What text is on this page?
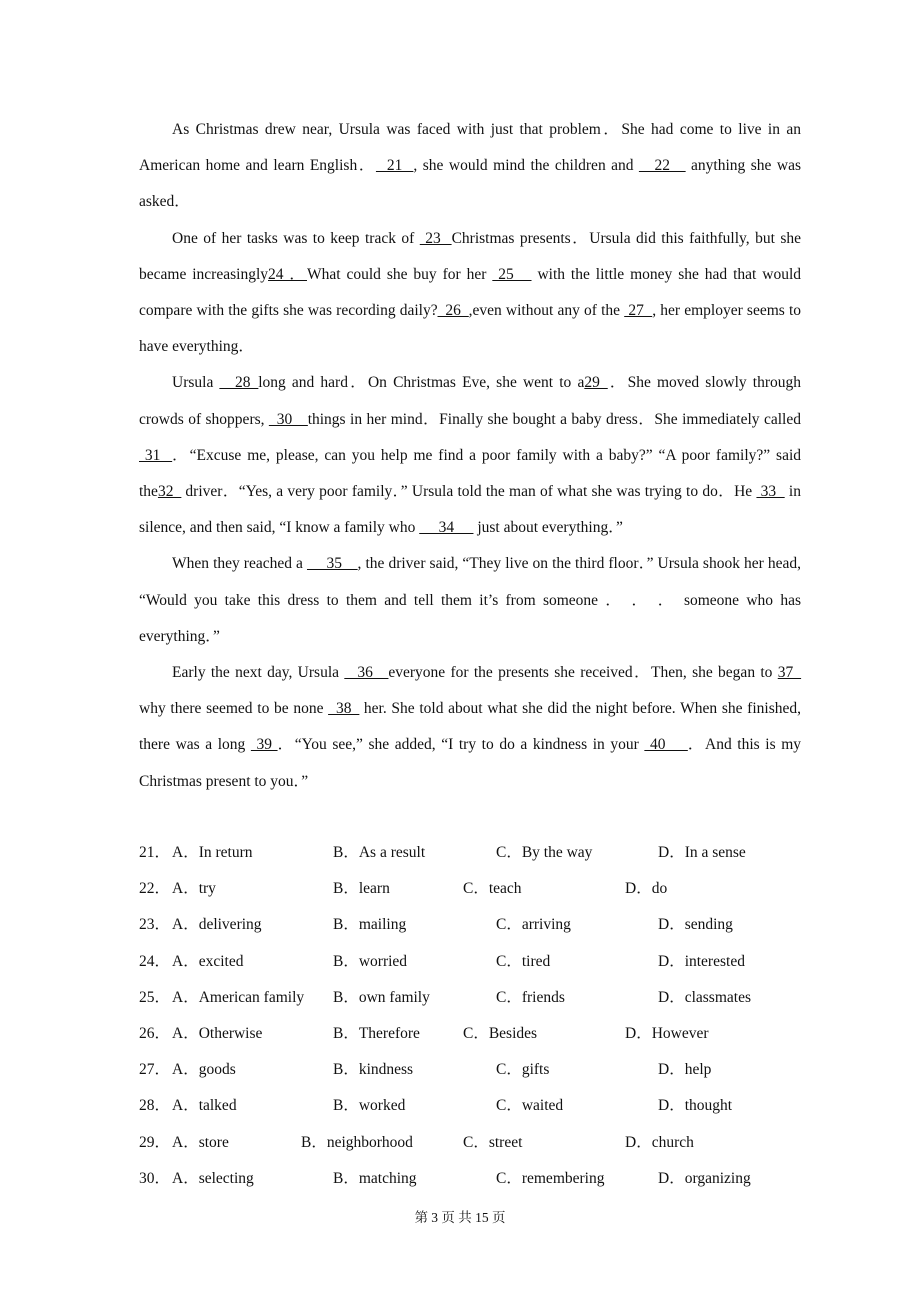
As Christmas drew near, Ursula was faced with just that problem．She had come to live in an American home and learn English．  21  , she would mind the children and __22__ anything she was asked．

One of her tasks was to keep track of  23  Christmas presents．Ursula did this faithfully, but she became increasingly24 ．What could she buy for her  25    with the little money she had that would compare with the gifts she was recording daily?_26_,even without any of the  27  , her employer seems to have everything．

Ursula __28_long and hard．On Christmas Eve, she went to a29_．She moved slowly through crowds of shoppers, _30__things in her mind．Finally she bought a baby dress．She immediately called  31  ．“Excuse me, please, can you help me find a poor family with a baby?” “A poor family?” said the32_ driver．“Yes, a very poor family．” Ursula told the man of what she was trying to do．He  33   in silence, and then said, “I know a family who  __34__  just about everything．”

When they reached a  __35__, the driver said, “They live on the third floor．” Ursula shook her head, “Would you take this dress to them and tell them it’s from someone ． ． ． someone who has everything．”

Early the next day, Ursula  _36__everyone for the presents she received．Then, she began to 37_ why there seemed to be none _38_ her. She told about what she did the night before. When she finished, there was a long  39 ．“You see,” she added, “I try to do a kindness in your  40    ．And this is my Christmas present to you．”

21． A．In return	B．As a result	C．By the way	D．In a sense
22． A．try	B．learn	C．teach	D．do
23． A．delivering	B．mailing	C．arriving	D．sending
24． A．excited	B．worried	C．tired	D．interested
25． A．American family B．own family	C．friends	D．classmates
26． A．Otherwise	B．Therefore	C．Besides	D．However
27． A．goods	B．kindness	C．gifts	D．help
28． A．talked	B．worked	C．waited	D．thought
29． A．store	B．neighborhood	C．street	D．church
30． A．selecting	B．matching	C．remembering	D．organizing
第 3 页 共 15 页
